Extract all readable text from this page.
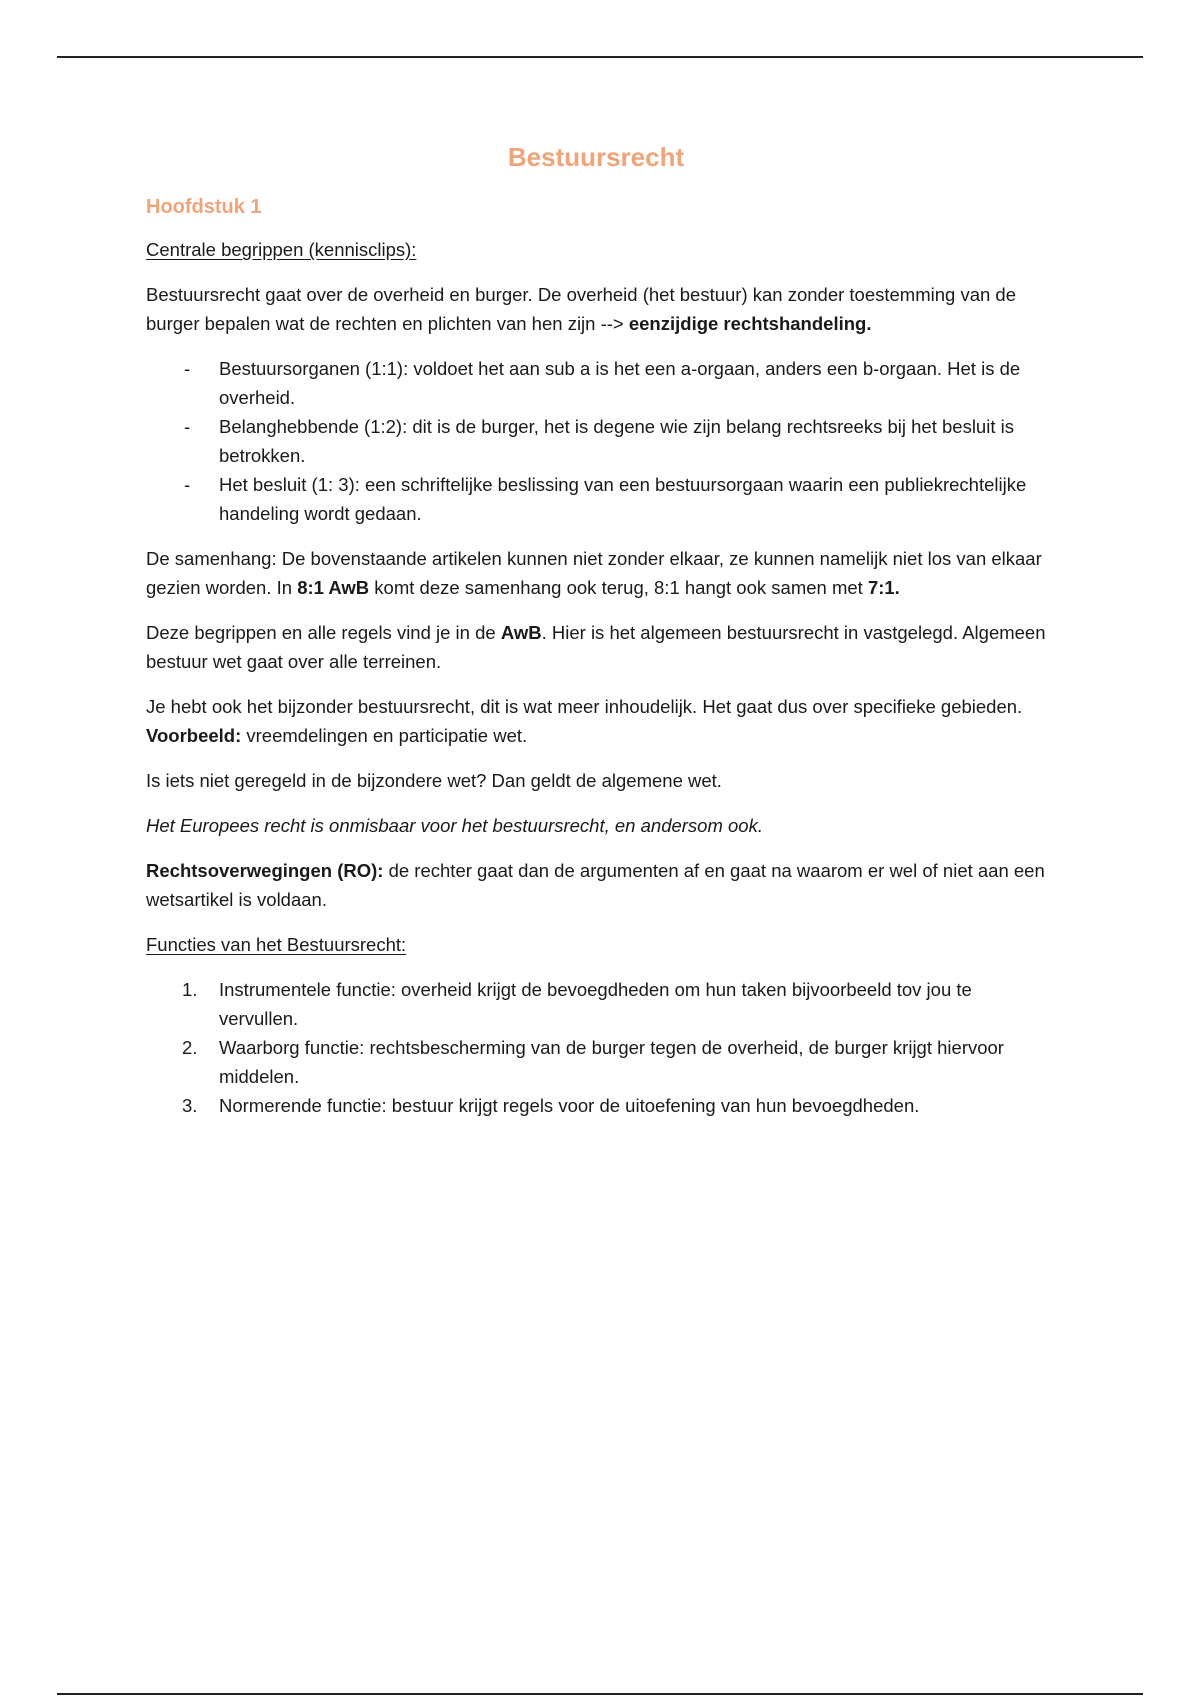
Bestuursrecht
Hoofdstuk 1

Centrale begrippen (kennisclips):

Bestuursrecht gaat over de overheid en burger. De overheid (het bestuur) kan zonder toestemming van de burger bepalen wat de rechten en plichten van hen zijn --> eenzijdige rechtshandeling.

- Bestuursorganen (1:1): voldoet het aan sub a is het een a-orgaan, anders een b-orgaan. Het is de overheid.
- Belanghebbende (1:2): dit is de burger, het is degene wie zijn belang rechtsreeks bij het besluit is betrokken.
- Het besluit (1: 3): een schriftelijke beslissing van een bestuursorgaan waarin een publiekrechtelijke handeling wordt gedaan.

De samenhang: De bovenstaande artikelen kunnen niet zonder elkaar, ze kunnen namelijk niet los van elkaar gezien worden. In 8:1 AwB komt deze samenhang ook terug, 8:1 hangt ook samen met 7:1.

Deze begrippen en alle regels vind je in de AwB. Hier is het algemeen bestuursrecht in vastgelegd. Algemeen bestuur wet gaat over alle terreinen.

Je hebt ook het bijzonder bestuursrecht, dit is wat meer inhoudelijk. Het gaat dus over specifieke gebieden. Voorbeeld: vreemdelingen en participatie wet.

Is iets niet geregeld in de bijzondere wet? Dan geldt de algemene wet.

Het Europees recht is onmisbaar voor het bestuursrecht, en andersom ook.

Rechtsoverwegingen (RO): de rechter gaat dan de argumenten af en gaat na waarom er wel of niet aan een wetsartikel is voldaan.

Functies van het Bestuursrecht:

1. Instrumentele functie: overheid krijgt de bevoegdheden om hun taken bijvoorbeeld tov jou te vervullen.
2. Waarborg functie: rechtsbescherming van de burger tegen de overheid, de burger krijgt hiervoor middelen.
3. Normerende functie: bestuur krijgt regels voor de uitoefening van hun bevoegdheden.
